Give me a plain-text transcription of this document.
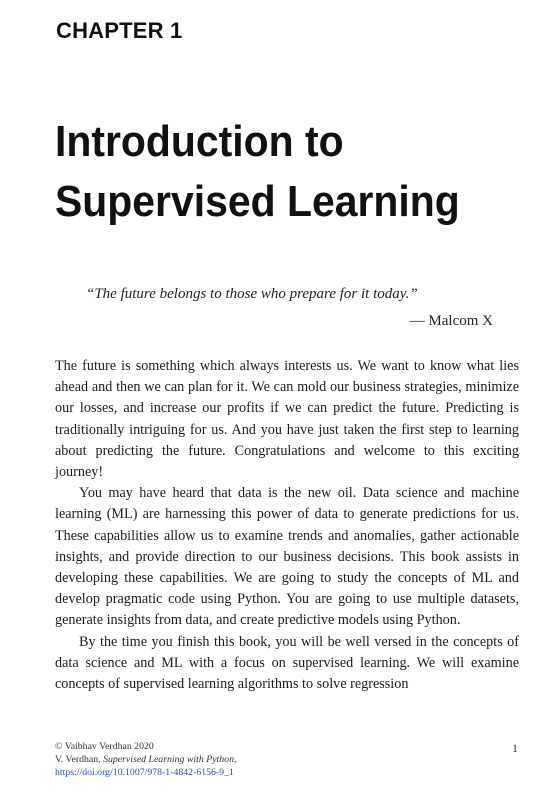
CHAPTER 1
Introduction to
Supervised Learning
“The future belongs to those who prepare for it today.”
— Malcom X

The future is something which always interests us. We want to know what lies ahead and then we can plan for it. We can mold our business strategies, minimize our losses, and increase our profits if we can predict the future. Predicting is traditionally intriguing for us. And you have just taken the first step to learning about predicting the future. Congratulations and welcome to this exciting journey!

You may have heard that data is the new oil. Data science and machine learning (ML) are harnessing this power of data to generate predictions for us. These capabilities allow us to examine trends and anomalies, gather actionable insights, and provide direction to our business decisions. This book assists in developing these capabilities. We are going to study the concepts of ML and develop pragmatic code using Python. You are going to use multiple datasets, generate insights from data, and create predictive models using Python.

By the time you finish this book, you will be well versed in the concepts of data science and ML with a focus on supervised learning. We will examine concepts of supervised learning algorithms to solve regression

© Vaibhav Verdhan 2020
V. Verdhan, Supervised Learning with Python,
https://doi.org/10.1007/978-1-4842-6156-9_1
1
